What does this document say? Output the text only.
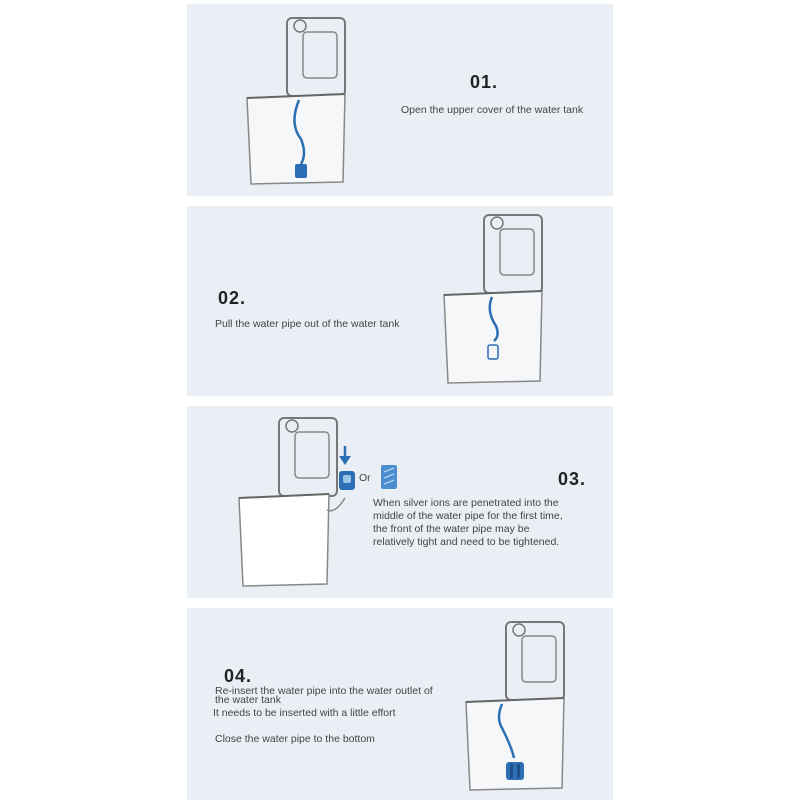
01.
Open the upper cover of the water tank
02.
Pull the water pipe out of the water tank
Or	03.
When silver ions are penetrated into the
middle of the water pipe for the first time,
the front of the water pipe may be
relatively tight and need to be tightened.
04.
Re-insert the water pipe into the water outlet of
the water tank
It needs to be inserted with a little effort
Close the water pipe to the bottom
